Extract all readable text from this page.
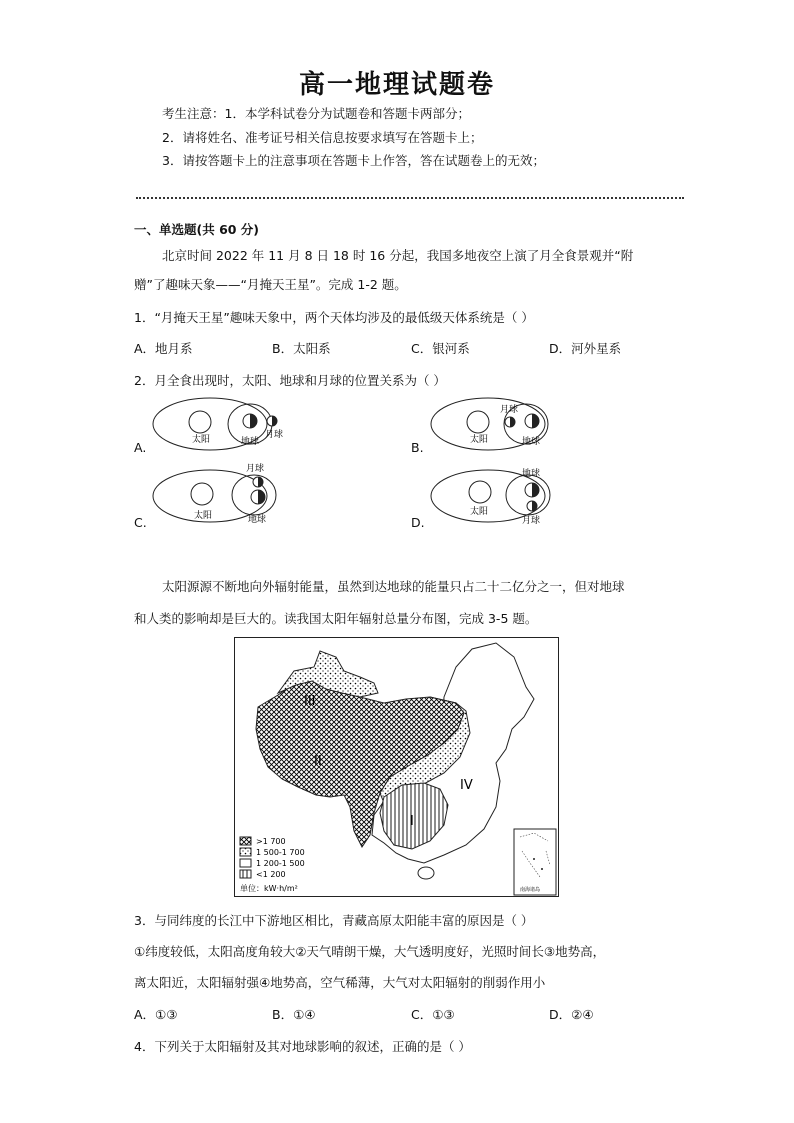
高一地理试题卷
考生注意：1．本学科试卷分为试题卷和答题卡两部分；
2．请将姓名、准考证号相关信息按要求填写在答题卡上；
3．请按答题卡上的注意事项在答题卡上作答，答在试题卷上的无效；
一、单选题(共 60 分)
北京时间 2022 年 11 月 8 日 18 时 16 分起，我国多地夜空上演了月全食景观并“附
赠”了趣味天象——“月掩天王星”。完成 1-2 题。
1．“月掩天王星”趣味天象中，两个天体均涉及的最低级天体系统是（ ）
A．地月系	B．太阳系	C．银河系	D．河外星系
2．月全食出现时，太阳、地球和月球的位置关系为（ ）
A.	B.
C.	D.
太阳	地球
月球	太阳	地球
月球
太阳	地球
月球
太阳
地球
月球
太阳源源不断地向外辐射能量，虽然到达地球的能量只占二十二亿分之一，但对地球
和人类的影响却是巨大的。读我国太阳年辐射总量分布图，完成 3-5 题。
III
II
I
IV
>1 700
1 500-1 700
1 200-1 500
<1 200
单位：kW·h/m²	南海诸岛
3．与同纬度的长江中下游地区相比，青藏高原太阳能丰富的原因是（ ）
①纬度较低，太阳高度角较大②天气晴朗干燥，大气透明度好，光照时间长③地势高，
离太阳近，太阳辐射强④地势高，空气稀薄，大气对太阳辐射的削弱作用小
A．①③	B．①④	C．①③	D．②④
4．下列关于太阳辐射及其对地球影响的叙述，正确的是（ ）
